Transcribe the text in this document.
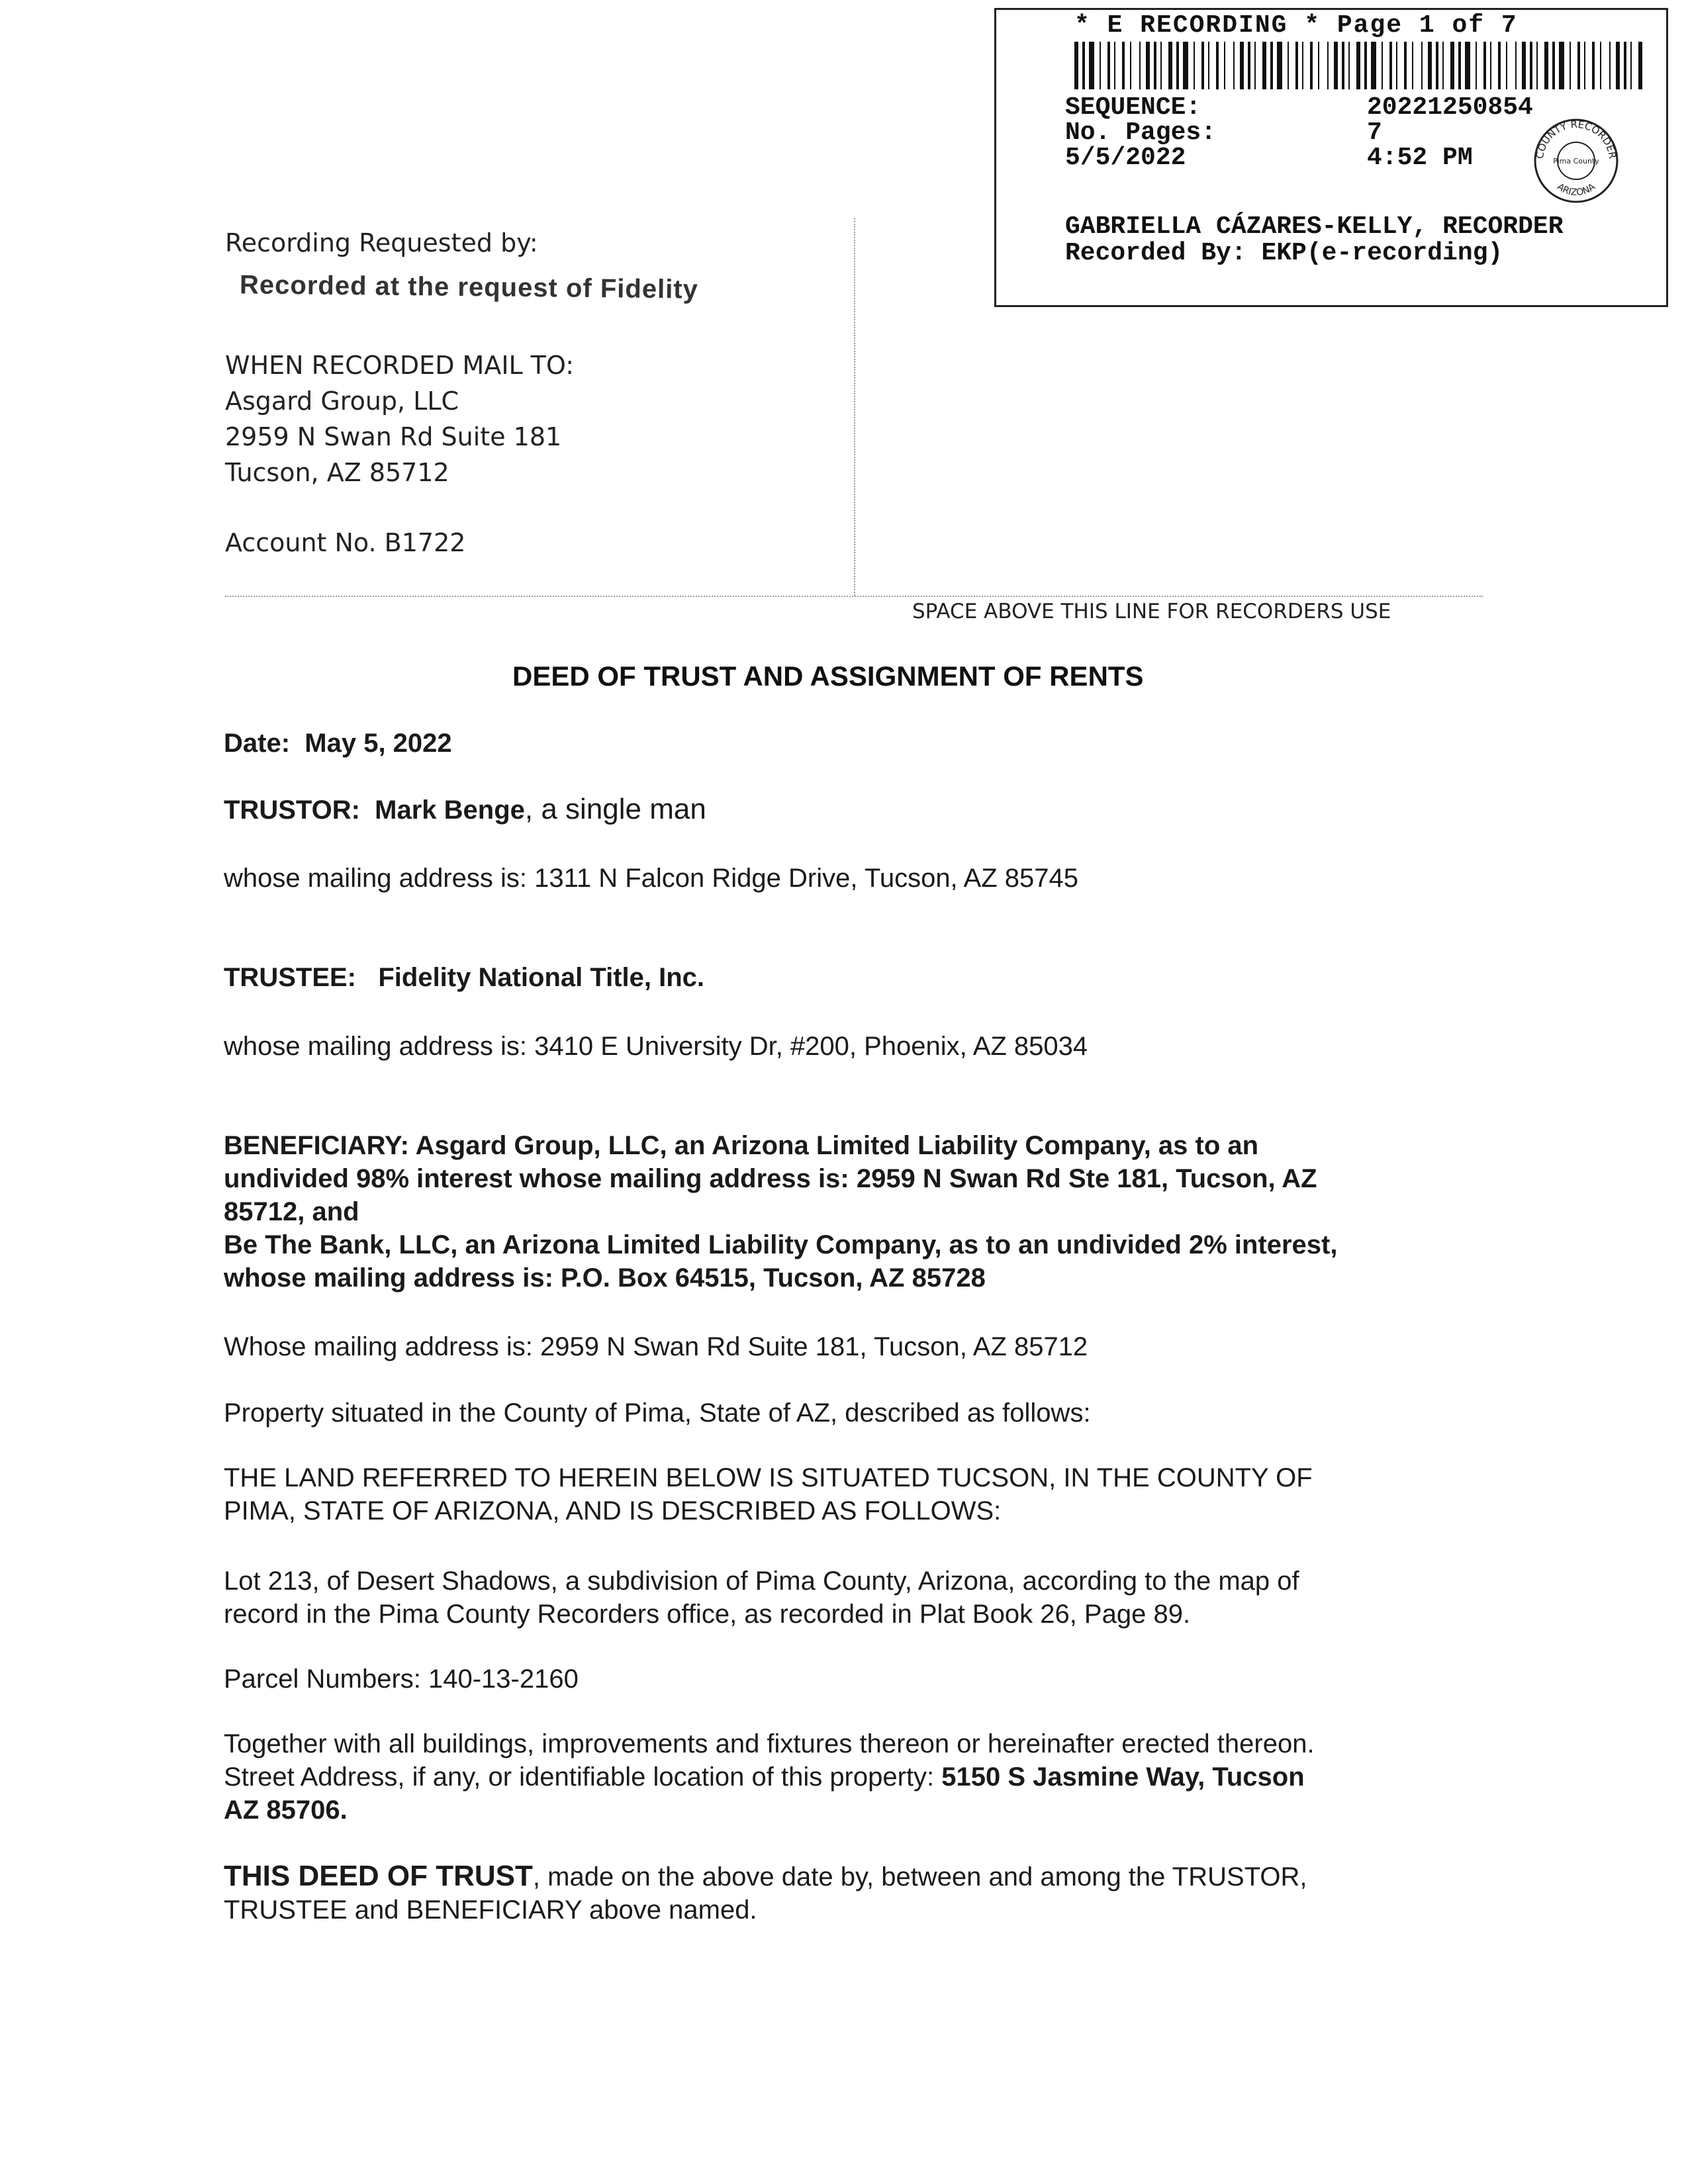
* E RECORDING * Page 1 of 7
SEQUENCE:	20221250854
No. Pages:	7
5/5/2022	4:52 PM	COUNTY RECORDER
Pima County
ARIZONA
GABRIELLA CÁZARES-KELLY, RECORDER
Recorded By: EKP(e-recording)
Recording Requested by:
Recorded at the request of Fidelity
WHEN RECORDED MAIL TO:
Asgard Group, LLC
2959 N Swan Rd Suite 181
Tucson, AZ 85712
Account No. B1722
SPACE ABOVE THIS LINE FOR RECORDERS USE
DEED OF TRUST AND ASSIGNMENT OF RENTS
Date: May 5, 2022
TRUSTOR: Mark Benge, a single man
whose mailing address is: 1311 N Falcon Ridge Drive, Tucson, AZ 85745
TRUSTEE: Fidelity National Title, Inc.
whose mailing address is: 3410 E University Dr, #200, Phoenix, AZ 85034
BENEFICIARY: Asgard Group, LLC, an Arizona Limited Liability Company, as to an
undivided 98% interest whose mailing address is: 2959 N Swan Rd Ste 181, Tucson, AZ
85712, and
Be The Bank, LLC, an Arizona Limited Liability Company, as to an undivided 2% interest,
whose mailing address is: P.O. Box 64515, Tucson, AZ 85728
Whose mailing address is: 2959 N Swan Rd Suite 181, Tucson, AZ 85712
Property situated in the County of Pima, State of AZ, described as follows:
THE LAND REFERRED TO HEREIN BELOW IS SITUATED TUCSON, IN THE COUNTY OF
PIMA, STATE OF ARIZONA, AND IS DESCRIBED AS FOLLOWS:
Lot 213, of Desert Shadows, a subdivision of Pima County, Arizona, according to the map of
record in the Pima County Recorders office, as recorded in Plat Book 26, Page 89.
Parcel Numbers: 140-13-2160
Together with all buildings, improvements and fixtures thereon or hereinafter erected thereon.
Street Address, if any, or identifiable location of this property: 5150 S Jasmine Way, Tucson
AZ 85706.
THIS DEED OF TRUST, made on the above date by, between and among the TRUSTOR,
TRUSTEE and BENEFICIARY above named.
